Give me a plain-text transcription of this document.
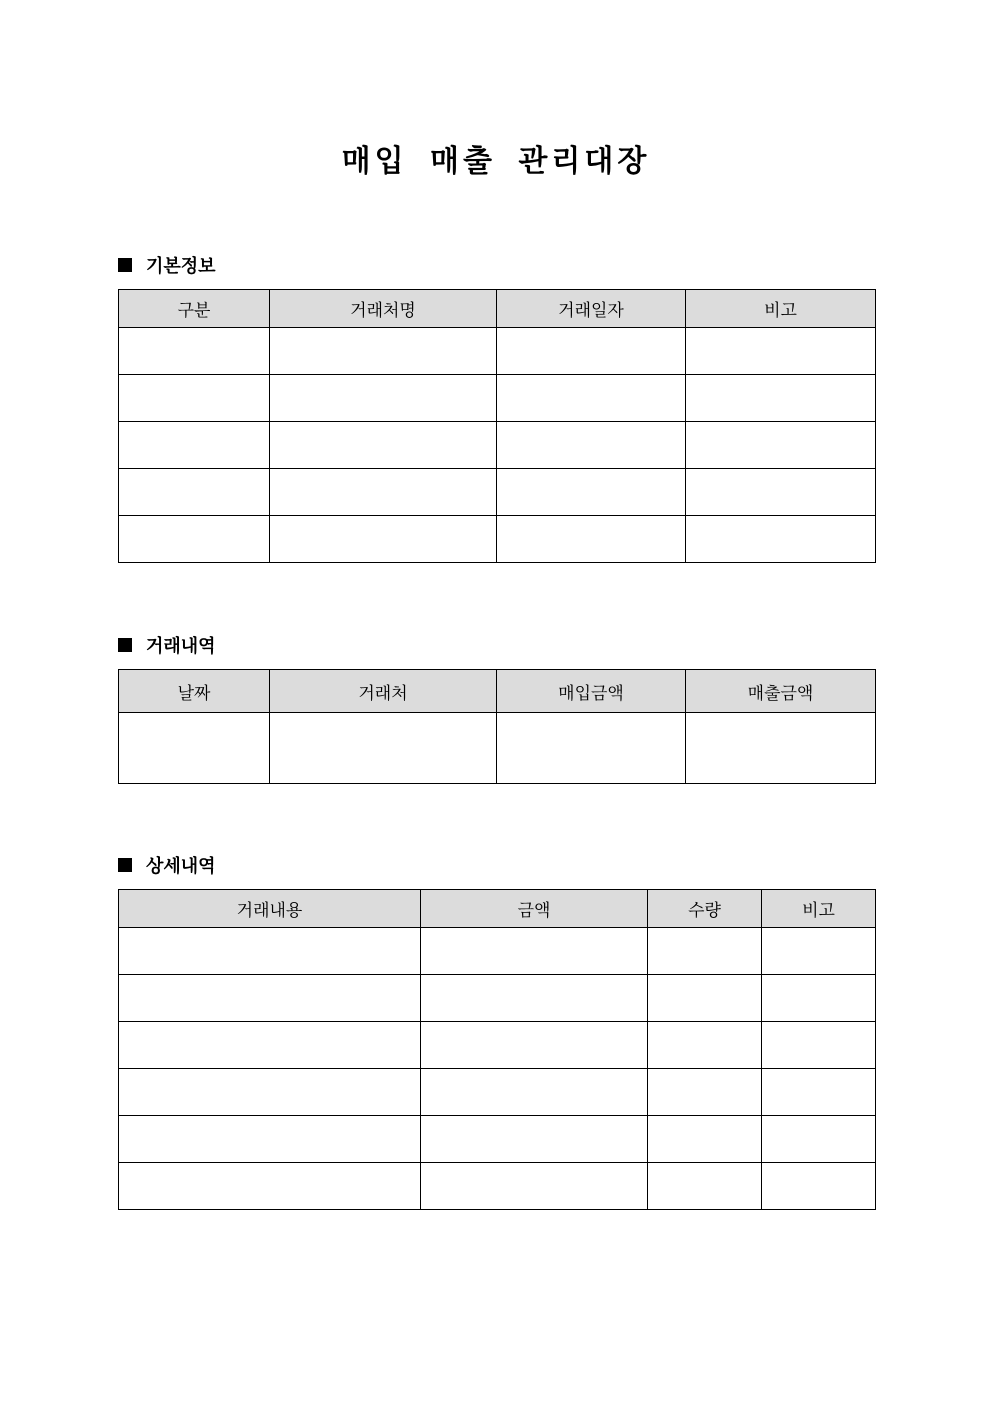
매입 매출 관리대장
기본정보
구분	거래처명	거래일자	비고

거래내역
날짜	거래처	매입금액	매출금액

상세내역
거래내용	금액	수량	비고
